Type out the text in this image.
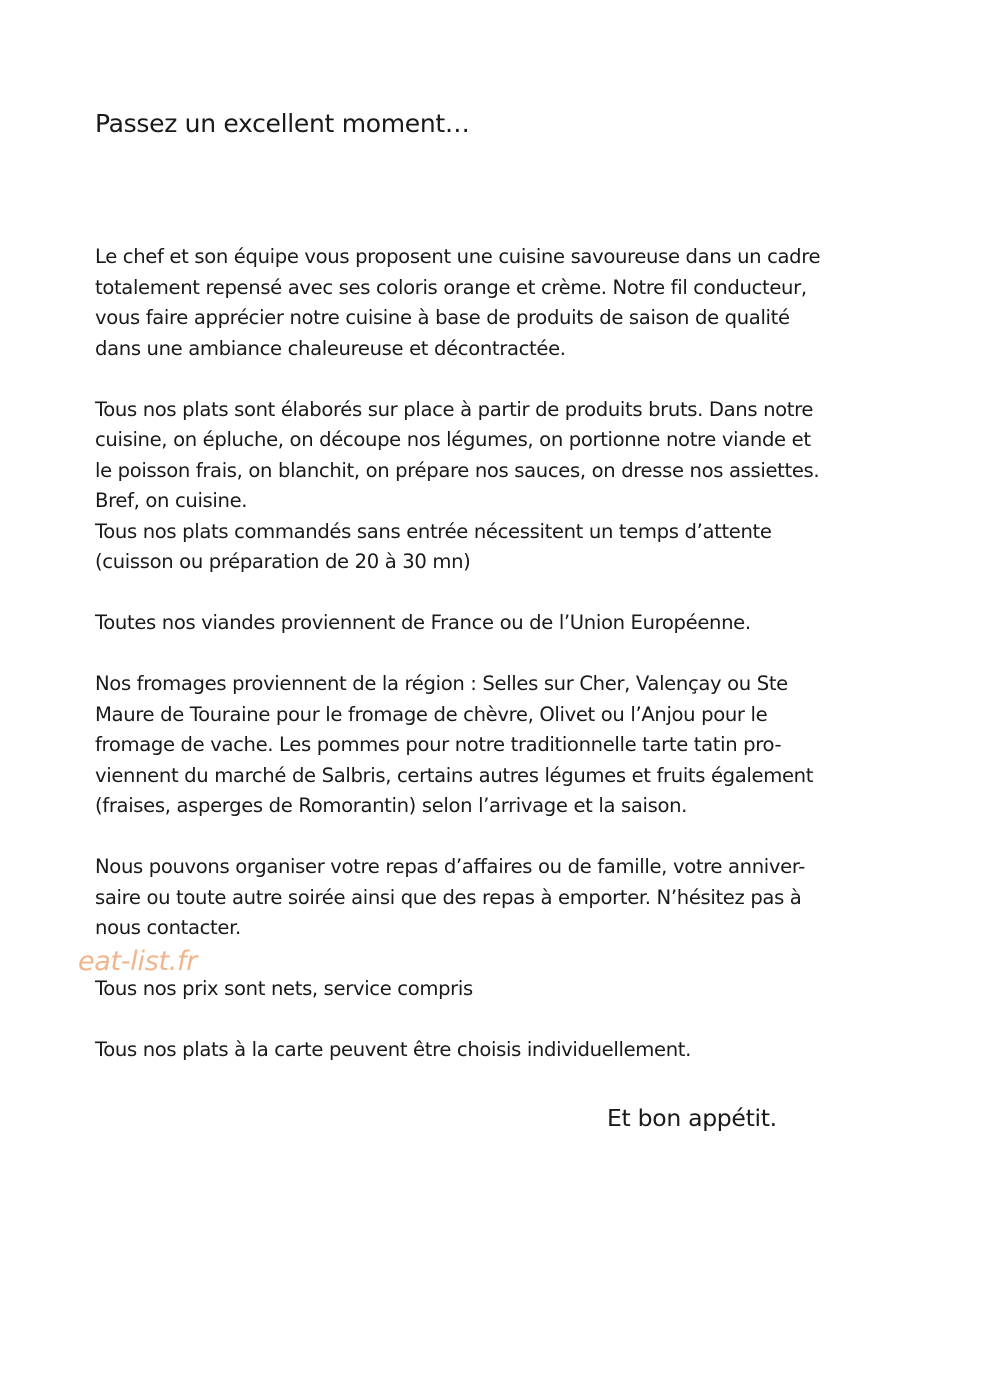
Passez un excellent moment…
Le chef et son équipe vous proposent une cuisine savoureuse dans un cadre
totalement repensé avec ses coloris orange et crème. Notre fil conducteur,
vous faire apprécier notre cuisine à base de produits de saison de qualité
dans une ambiance chaleureuse et décontractée.
Tous nos plats sont élaborés sur place à partir de produits bruts. Dans notre
cuisine, on épluche, on découpe nos légumes, on portionne notre viande et
le poisson frais, on blanchit, on prépare nos sauces, on dresse nos assiettes.
Bref, on cuisine.
Tous nos plats commandés sans entrée nécessitent un temps d’attente
(cuisson ou préparation de 20 à 30 mn)
Toutes nos viandes proviennent de France ou de l’Union Européenne.
Nos fromages proviennent de la région : Selles sur Cher, Valençay ou Ste
Maure de Touraine pour le fromage de chèvre, Olivet ou l’Anjou pour le
fromage de vache. Les pommes pour notre traditionnelle tarte tatin pro-
viennent du marché de Salbris, certains autres légumes et fruits également
(fraises, asperges de Romorantin) selon l’arrivage et la saison.
Nous pouvons organiser votre repas d’affaires ou de famille, votre anniver-
saire ou toute autre soirée ainsi que des repas à emporter. N’hésitez pas à
nous contacter.
Tous nos prix sont nets, service compris
Tous nos plats à la carte peuvent être choisis individuellement.
eat-list.fr
Et bon appétit.
